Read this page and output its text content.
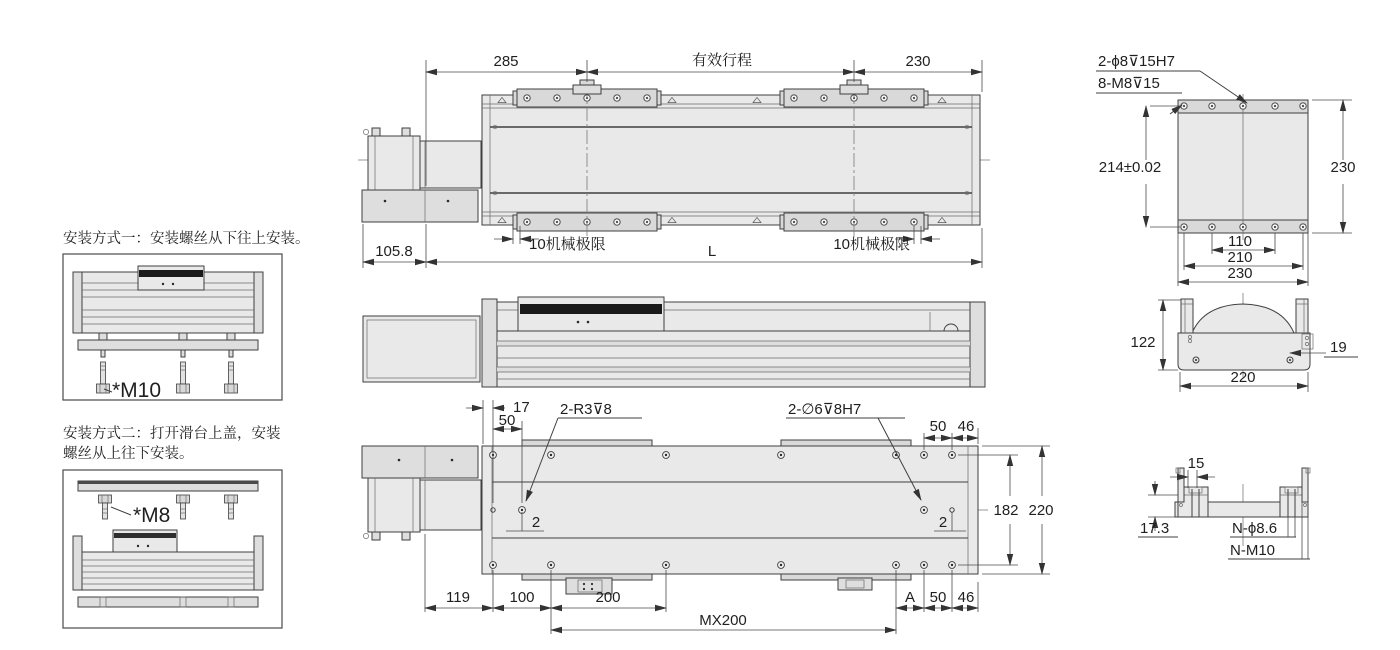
安装方式一：安装螺丝从下往上安装。
*M10
安装方式二：打开滑台上盖，安装
螺丝从上往下安装。
*M8
285	有效行程	230
10机械极限	10机械极限
105.8	L
17
50
2-R3⊽8
2
2-∅6⊽8H7
2
50 46
182 220
119	100	200	A 50 46
MX200
2-ϕ8⊽15H7
8-M8⊽15
214±0.02	230
110
210
230
122	19
220
15
17.3	N-ϕ8.6
N-M10
